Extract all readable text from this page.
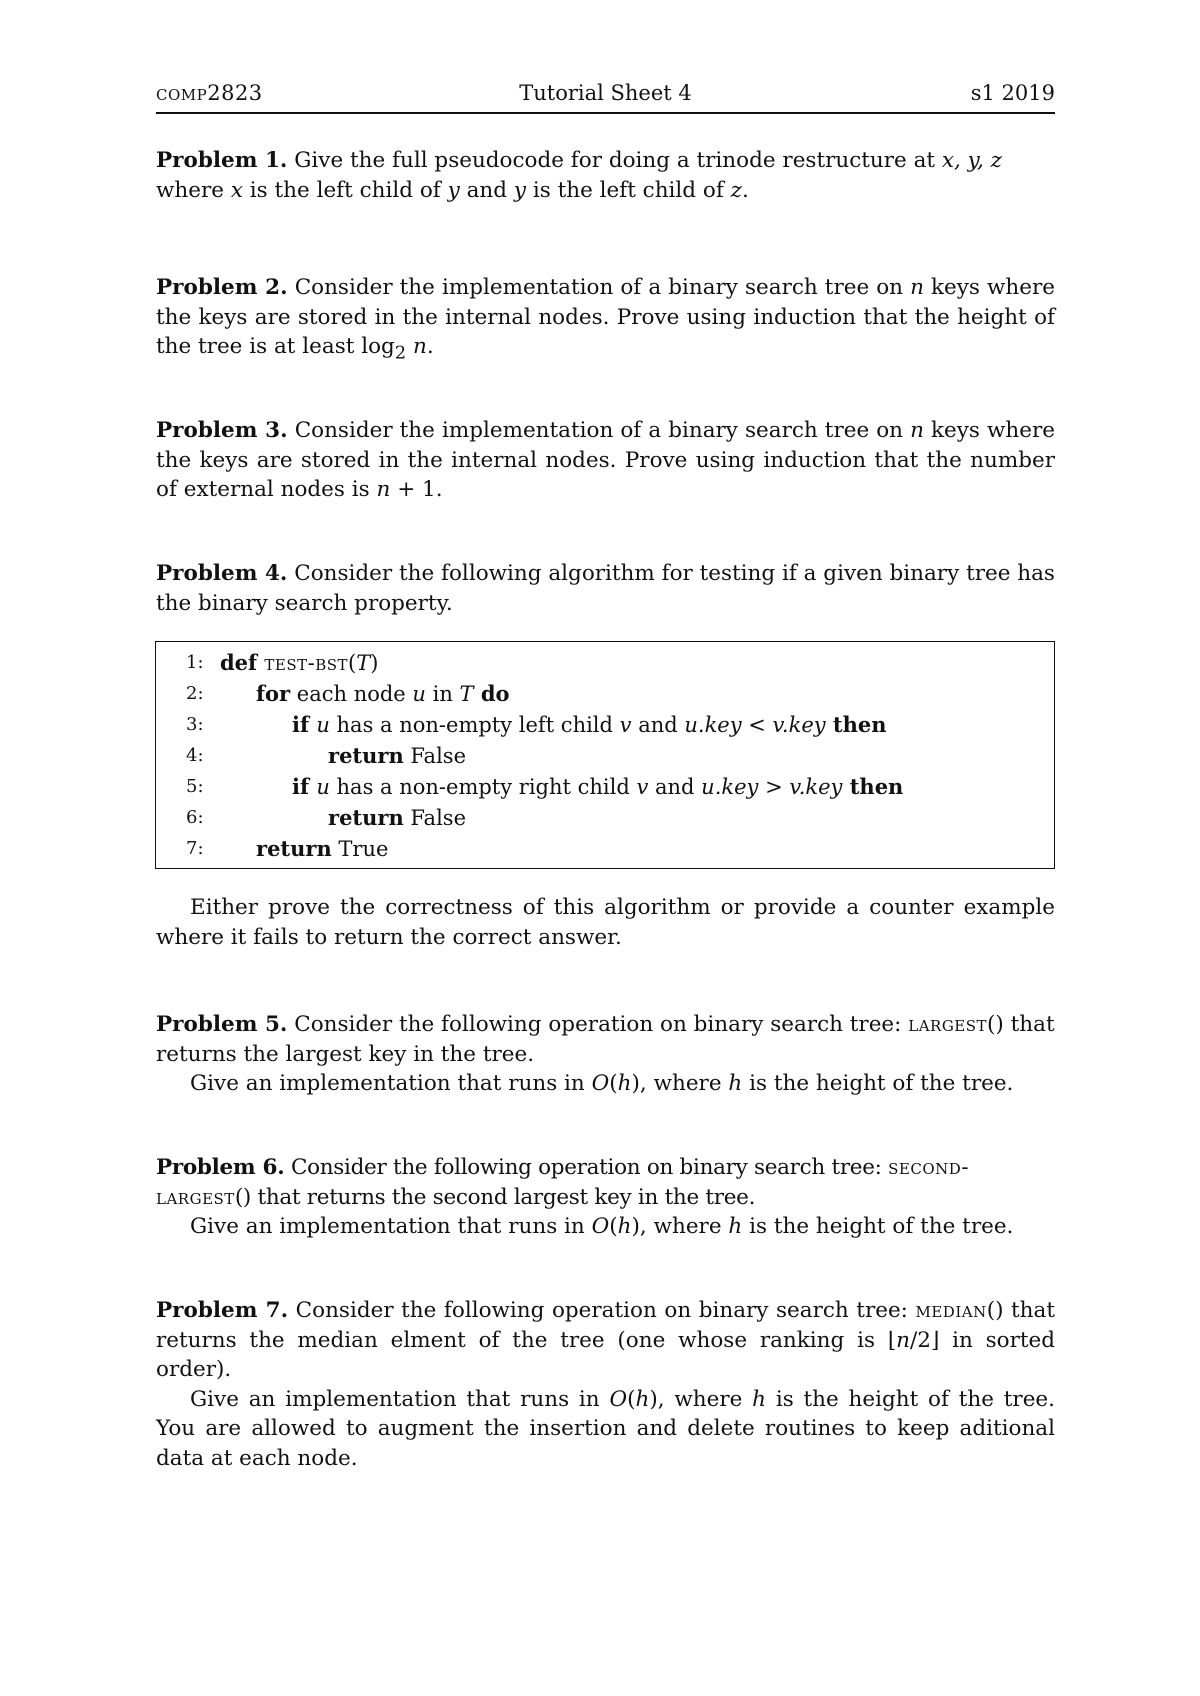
comp2823	Tutorial Sheet 4	s1 2019

Problem 1. Give the full pseudocode for doing a trinode restructure at x, y, z where x is the left child of y and y is the left child of z.

Problem 2. Consider the implementation of a binary search tree on n keys where the keys are stored in the internal nodes. Prove using induction that the height of the tree is at least $\log_2 n$.

Problem 3. Consider the implementation of a binary search tree on n keys where the keys are stored in the internal nodes. Prove using induction that the number of external nodes is n + 1.

Problem 4. Consider the following algorithm for testing if a given binary tree has the binary search property.

1: def test-bst(T)
2:	for each node u in T do
3:	if u has a non-empty left child v and u.key < v.key then
4:	return False
5:	if u has a non-empty right child v and u.key > v.key then
6:	return False
7:	return True

Either prove the correctness of this algorithm or provide a counter example where it fails to return the correct answer.

Problem 5. Consider the following operation on binary search tree: largest() that returns the largest key in the tree.

Give an implementation that runs in O(h), where h is the height of the tree.

Problem 6. Consider the following operation on binary search tree: second-largest() that returns the second largest key in the tree.

Give an implementation that runs in O(h), where h is the height of the tree.

Problem 7. Consider the following operation on binary search tree: median() that returns the median elment of the tree (one whose ranking is ⌊n/2⌋ in sorted order).

Give an implementation that runs in O(h), where h is the height of the tree. You are allowed to augment the insertion and delete routines to keep aditional data at each node.
